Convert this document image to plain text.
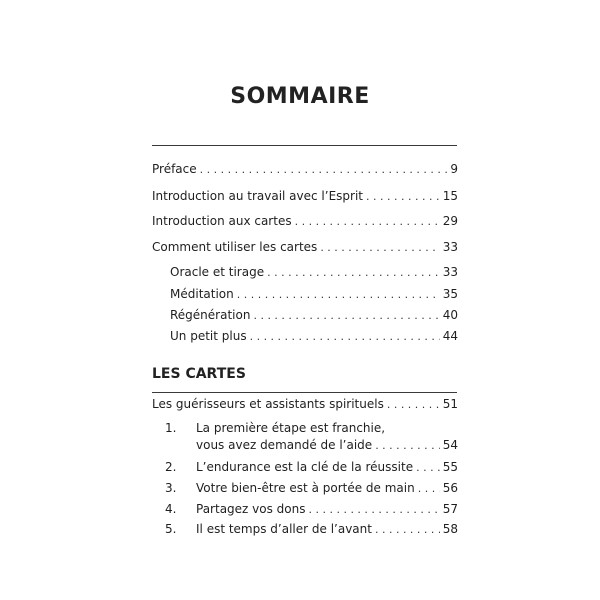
SOMMAIRE
Préface . . .	9
Introduction au travail avec l’Esprit . . .	15
Introduction aux cartes . . .	29
Comment utiliser les cartes . . .	33
Oracle et tirage . . .	33
Méditation . . .	35
Régénération . . .	40
Un petit plus . . .	44
LES CARTES
Les guérisseurs et assistants spirituels . . .	51
1. La première étape est franchie,
vous avez demandé de l’aide . . .	54
2. L’endurance est la clé de la réussite . . . 55
3. Votre bien-être est à portée de main . . . 56
4. Partagez vos dons . . .	57
5. Il est temps d’aller de l’avant . . .	58
